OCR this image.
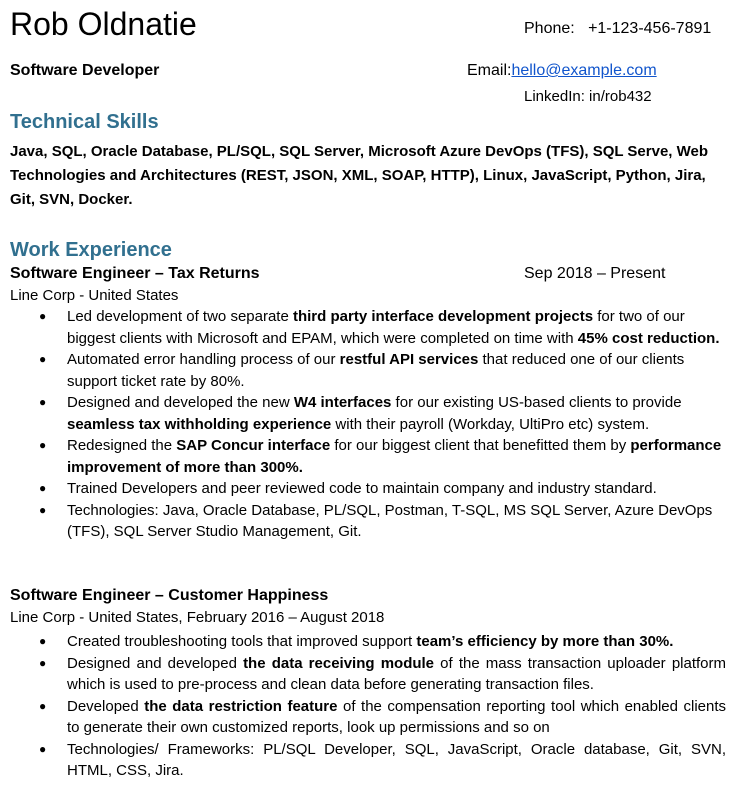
Rob Oldnatie	Phone: +1-123-456-7891
Software Developer	Email:hello@example.com
LinkedIn: in/rob432
Technical Skills
Java, SQL, Oracle Database, PL/SQL, SQL Server, Microsoft Azure DevOps (TFS), SQL Serve, Web Technologies and Architectures (REST, JSON, XML, SOAP, HTTP), Linux, JavaScript, Python, Jira, Git, SVN, Docker.
Work Experience
Software Engineer – Tax Returns	Sep 2018 – Present
Line Corp - United States
● Led development of two separate third party interface development projects for two of our biggest clients with Microsoft and EPAM, which were completed on time with 45% cost reduction.
● Automated error handling process of our restful API services that reduced one of our clients support ticket rate by 80%.
● Designed and developed the new W4 interfaces for our existing US-based clients to provide seamless tax withholding experience with their payroll (Workday, UltiPro etc) system.
● Redesigned the SAP Concur interface for our biggest client that benefitted them by performance improvement of more than 300%.
● Trained Developers and peer reviewed code to maintain company and industry standard.
● Technologies: Java, Oracle Database, PL/SQL, Postman, T-SQL, MS SQL Server, Azure DevOps (TFS), SQL Server Studio Management, Git.
Software Engineer – Customer Happiness
Line Corp - United States, February 2016 – August 2018
● Created troubleshooting tools that improved support team’s efficiency by more than 30%.
● Designed and developed the data receiving module of the mass transaction uploader platform which is used to pre-process and clean data before generating transaction files.
● Developed the data restriction feature of the compensation reporting tool which enabled clients to generate their own customized reports, look up permissions and so on
● Technologies/ Frameworks: PL/SQL Developer, SQL, JavaScript, Oracle database, Git, SVN, HTML, CSS, Jira.
